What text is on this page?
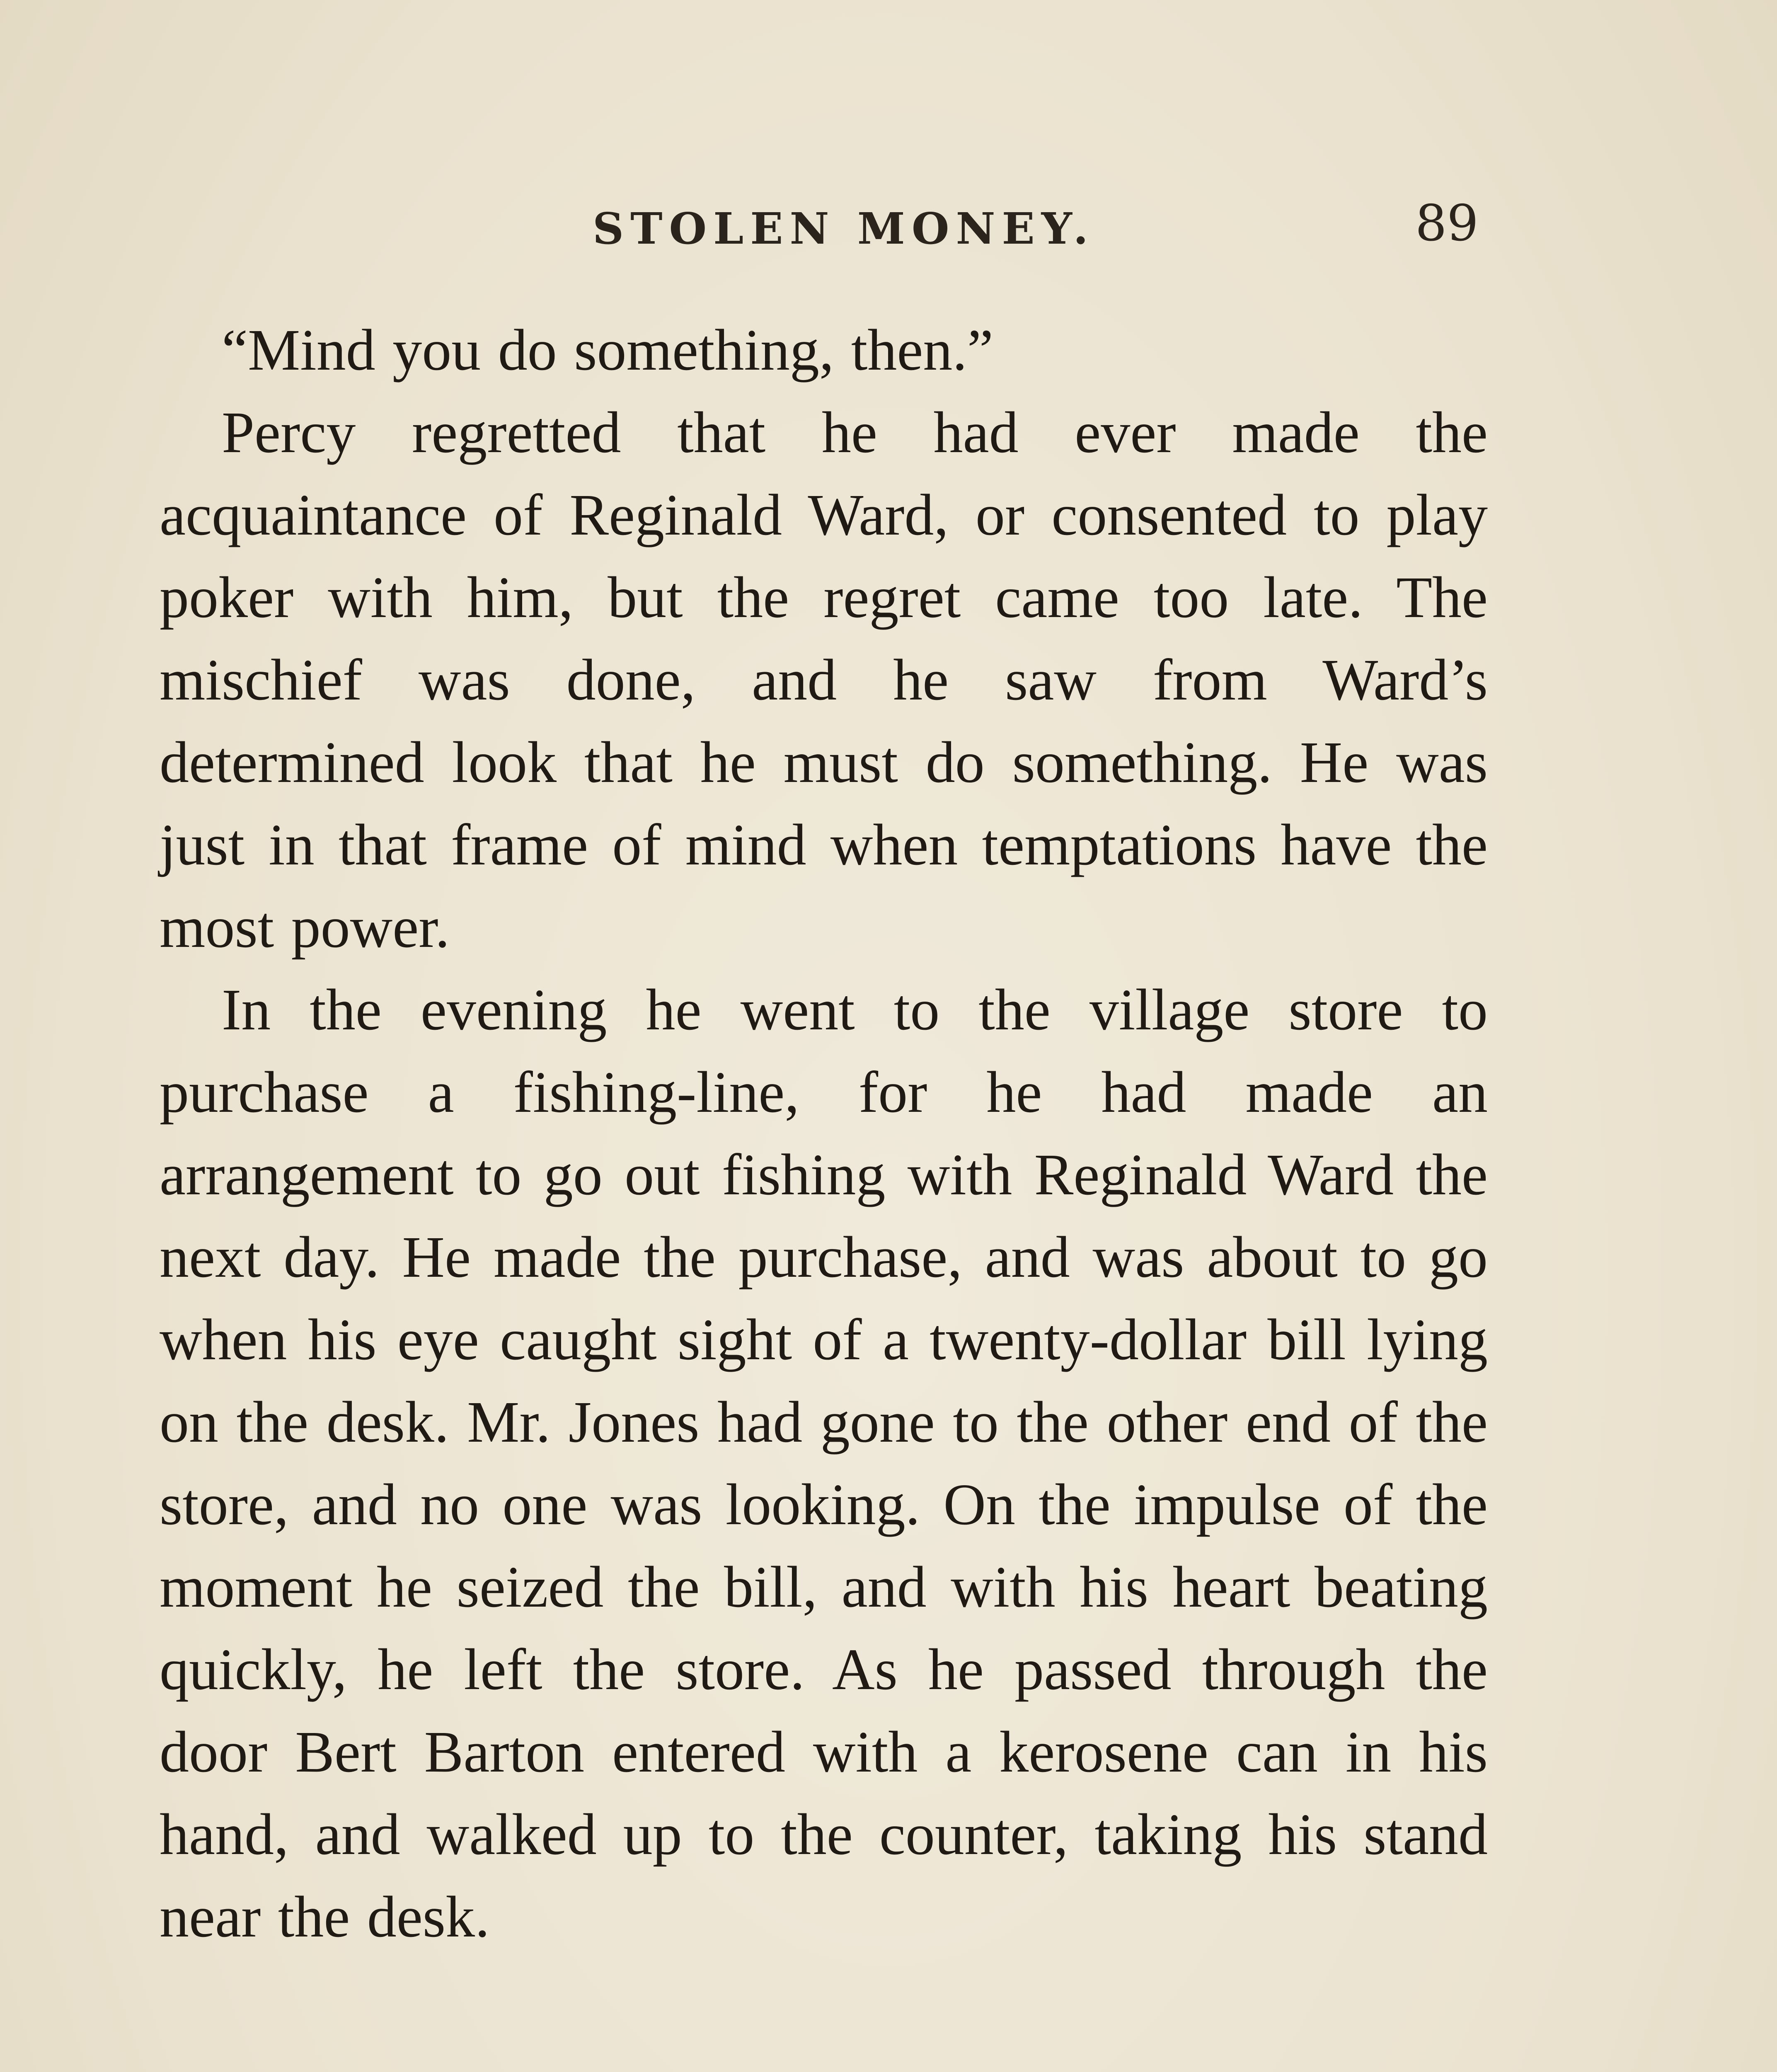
STOLEN MONEY.	89

“Mind you do something, then.”

Percy regretted that he had ever made the acquaintance of Reginald Ward, or consented to play poker with him, but the regret came too late. The mischief was done, and he saw from Ward’s determined look that he must do something. He was just in that frame of mind when temptations have the most power.

In the evening he went to the village store to purchase a fishing-line, for he had made an arrangement to go out fishing with Reginald Ward the next day. He made the purchase, and was about to go when his eye caught sight of a twenty-dollar bill lying on the desk. Mr. Jones had gone to the other end of the store, and no one was looking. On the impulse of the moment he seized the bill, and with his heart beating quickly, he left the store. As he passed through the door Bert Barton entered with a kerosene can in his hand, and walked up to the counter, taking his stand near the desk.
